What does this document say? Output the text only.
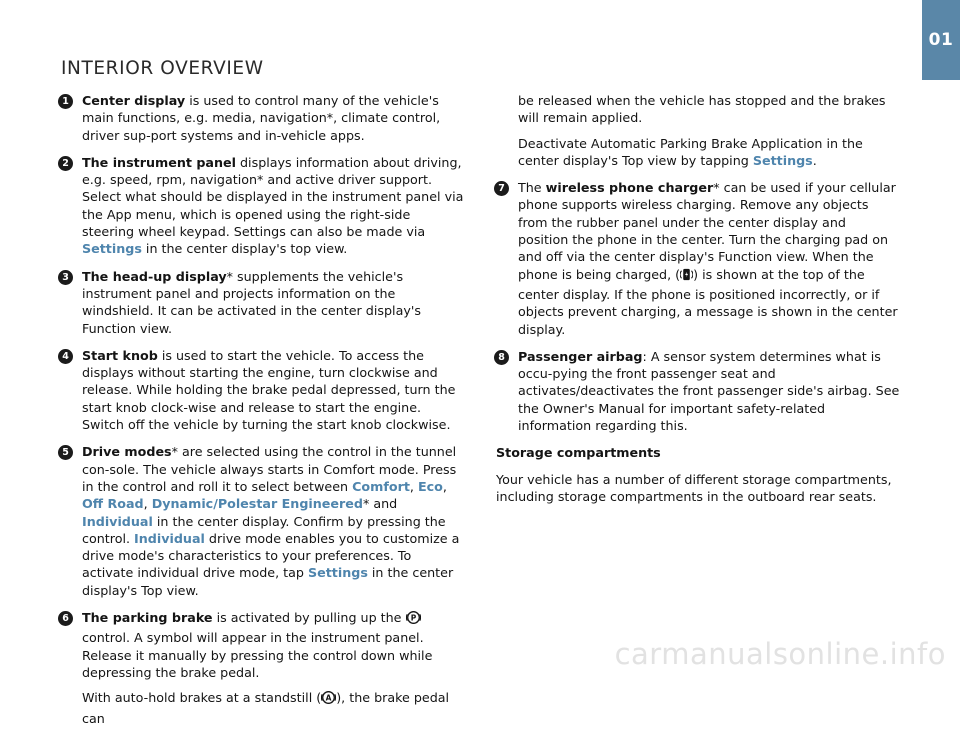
01
INTERIOR OVERVIEW
1	Center display is used to control many of the vehicle's main functions, e.g. media, navigation*, climate control, driver sup-port systems and in-vehicle apps.
2	The instrument panel displays information about driving, e.g. speed, rpm, navigation* and active driver support. Select what should be displayed in the instrument panel via the App menu, which is opened using the right-side steering wheel keypad. Settings can also be made via Settings in the center display's top view.
3	The head-up display* supplements the vehicle's instrument panel and projects information on the windshield. It can be activated in the center display's Function view.
4	Start knob is used to start the vehicle. To access the displays without starting the engine, turn clockwise and release. While holding the brake pedal depressed, turn the start knob clock-wise and release to start the engine. Switch off the vehicle by turning the start knob clockwise.
5	Drive modes* are selected using the control in the tunnel con-sole. The vehicle always starts in Comfort mode. Press in the control and roll it to select between Comfort, Eco, Off Road, Dynamic/Polestar Engineered* and Individual in the center display. Confirm by pressing the control. Individual drive mode enables you to customize a drive mode's characteristics to your preferences. To activate individual drive mode, tap Settings in the center display's Top view.
6	The parking brake is activated by pulling up the P
control. A symbol will appear in the instrument panel. Release it manually by pressing the control down while depressing the brake pedal.
With auto-hold brakes at a standstill ( A ), the brake pedal can
be released when the vehicle has stopped and the brakes will remain applied.
Deactivate Automatic Parking Brake Application in the center display's Top view by tapping Settings.
7	The wireless phone charger* can be used if your cellular phone supports wireless charging. Remove any objects from the rubber panel under the center display and position the phone in the center. Turn the charging pad on and off via the center display's Function view. When the phone is being charged, ( ) is shown at the top of the center display. If the phone is positioned incorrectly, or if objects prevent charging, a message is shown in the center display.
8	Passenger airbag: A sensor system determines what is occu-pying the front passenger seat and activates/deactivates the front passenger side's airbag. See the Owner's Manual for important safety-related information regarding this.
Storage compartments

Your vehicle has a number of different storage compartments, including storage compartments in the outboard rear seats.

carmanualsonline.info
